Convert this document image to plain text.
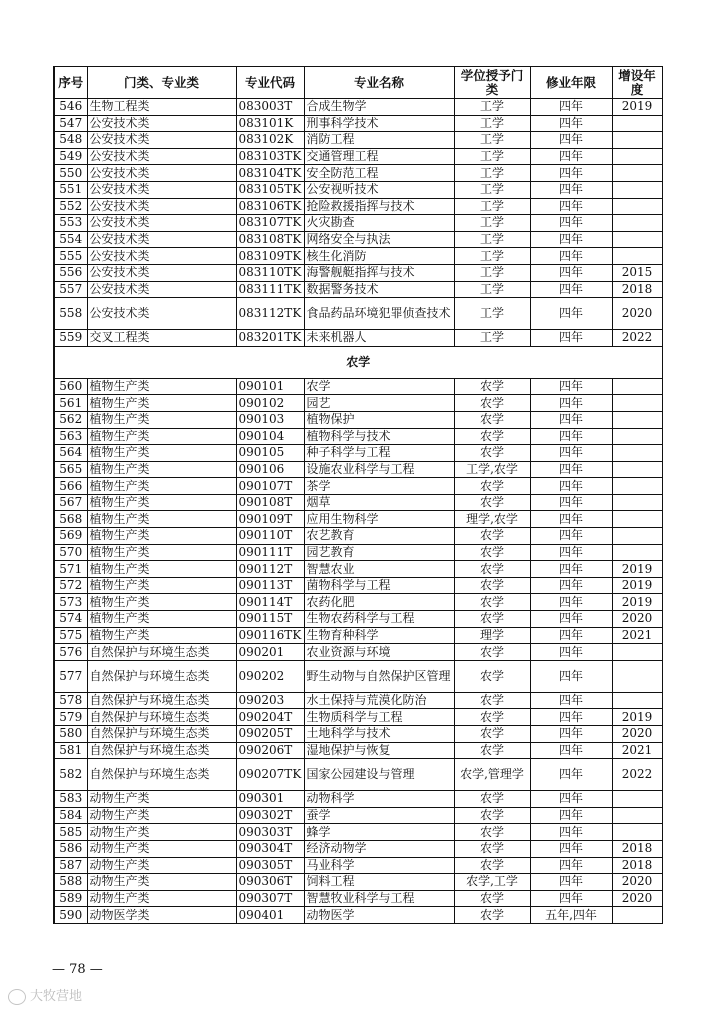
序号	门类、专业类	专业代码	专业名称	学位授予门类	修业年限	增设年度
546	生物工程类	083003T	合成生物学	工学	四年	2019
547	公安技术类	083101K	刑事科学技术	工学	四年	
548	公安技术类	083102K	消防工程	工学	四年	
549	公安技术类	083103TK	交通管理工程	工学	四年	
550	公安技术类	083104TK	安全防范工程	工学	四年	
551	公安技术类	083105TK	公安视听技术	工学	四年	
552	公安技术类	083106TK	抢险救援指挥与技术	工学	四年	
553	公安技术类	083107TK	火灾勘查	工学	四年	
554	公安技术类	083108TK	网络安全与执法	工学	四年	
555	公安技术类	083109TK	核生化消防	工学	四年	
556	公安技术类	083110TK	海警舰艇指挥与技术	工学	四年	2015
557	公安技术类	083111TK	数据警务技术	工学	四年	2018
558	公安技术类	083112TK	食品药品环境犯罪侦查技术	工学	四年	2020
559	交叉工程类	083201TK	未来机器人	工学	四年	2022
农学						
560	植物生产类	090101	农学	农学	四年	
561	植物生产类	090102	园艺	农学	四年	
562	植物生产类	090103	植物保护	农学	四年	
563	植物生产类	090104	植物科学与技术	农学	四年	
564	植物生产类	090105	种子科学与工程	农学	四年	
565	植物生产类	090106	设施农业科学与工程	工学,农学	四年	
566	植物生产类	090107T	茶学	农学	四年	
567	植物生产类	090108T	烟草	农学	四年	
568	植物生产类	090109T	应用生物科学	理学,农学	四年	
569	植物生产类	090110T	农艺教育	农学	四年	
570	植物生产类	090111T	园艺教育	农学	四年	
571	植物生产类	090112T	智慧农业	农学	四年	2019
572	植物生产类	090113T	菌物科学与工程	农学	四年	2019
573	植物生产类	090114T	农药化肥	农学	四年	2019
574	植物生产类	090115T	生物农药科学与工程	农学	四年	2020
575	植物生产类	090116TK	生物育种科学	理学	四年	2021
576	自然保护与环境生态类	090201	农业资源与环境	农学	四年	
577	自然保护与环境生态类	090202	野生动物与自然保护区管理	农学	四年	
578	自然保护与环境生态类	090203	水土保持与荒漠化防治	农学	四年	
579	自然保护与环境生态类	090204T	生物质科学与工程	农学	四年	2019
580	自然保护与环境生态类	090205T	土地科学与技术	农学	四年	2020
581	自然保护与环境生态类	090206T	湿地保护与恢复	农学	四年	2021
582	自然保护与环境生态类	090207TK	国家公园建设与管理	农学,管理学	四年	2022
583	动物生产类	090301	动物科学	农学	四年	
584	动物生产类	090302T	蚕学	农学	四年	
585	动物生产类	090303T	蜂学	农学	四年	
586	动物生产类	090304T	经济动物学	农学	四年	2018
587	动物生产类	090305T	马业科学	农学	四年	2018
588	动物生产类	090306T	饲料工程	农学,工学	四年	2020
589	动物生产类	090307T	智慧牧业科学与工程	农学	四年	2020
590	动物医学类	090401	动物医学	农学	五年,四年	
— 78 —
大牧营地
